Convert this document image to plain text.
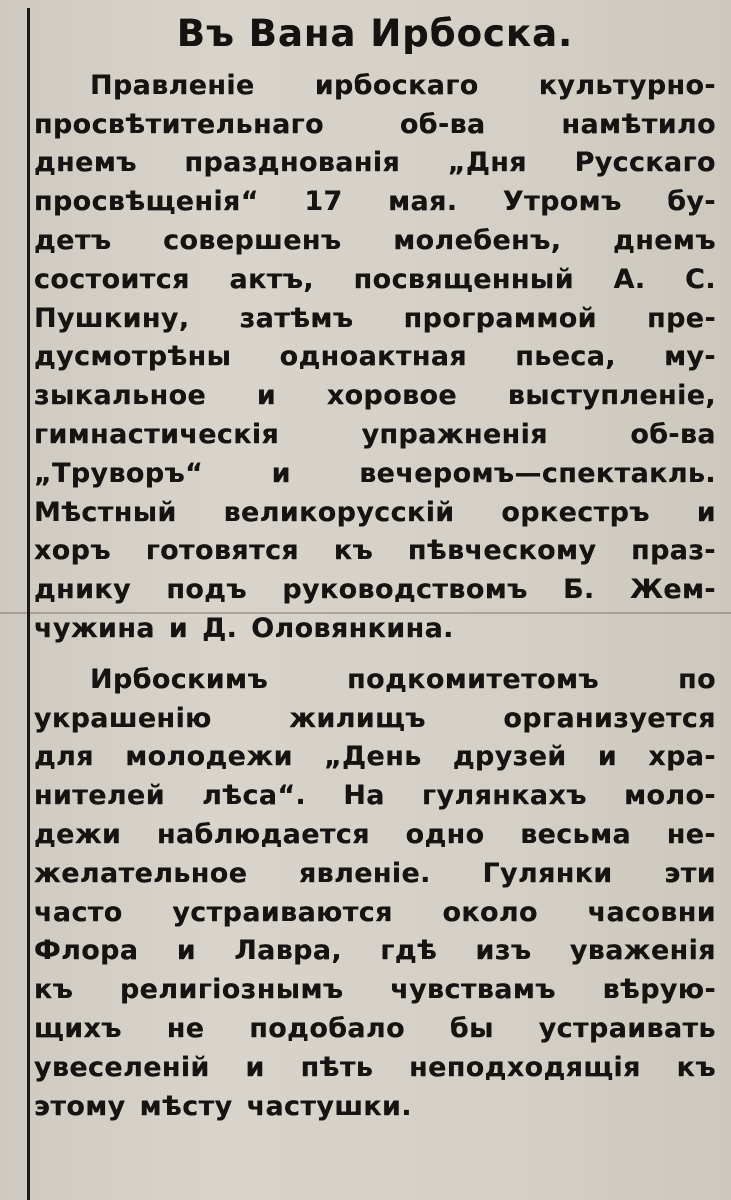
Въ Вана Ирбоска.
Правленіе ирбоскаго культурно-
просвѣтительнаго	об-ва	намѣтило
днемъ празднованія „Дня Русскаго
просвѣщенія“ 17 мая. Утромъ бу-
детъ совершенъ молебенъ, днемъ
состоится актъ, посвященный А. С.
Пушкину, затѣмъ программой пре-
дусмотрѣны одноактная пьеса, му-
зыкальное и хоровое выступленіе,
гимнастическія	упражненія	об-ва
„Труворъ“	и	вечеромъ—спектакль.
Мѣстный великорусскій оркестръ и
хоръ готовятся къ пѣвческому праз-
днику подъ руководствомъ Б. Жем-
чужина и Д. Оловянкина.
Ирбоскимъ	подкомитетомъ	по
украшенію	жилищъ	организуется
для молодежи „День друзей и хра-
нителей лѣса“. На гулянкахъ моло-
дежи наблюдается одно весьма не-
желательное явленіе. Гулянки эти
часто устраиваются около часовни
Флора и Лавра, гдѣ изъ уваженія
къ религіознымъ чувствамъ вѣрую-
щихъ не подобало бы устраивать
увеселеній и пѣть неподходящія къ
этому мѣсту частушки.
